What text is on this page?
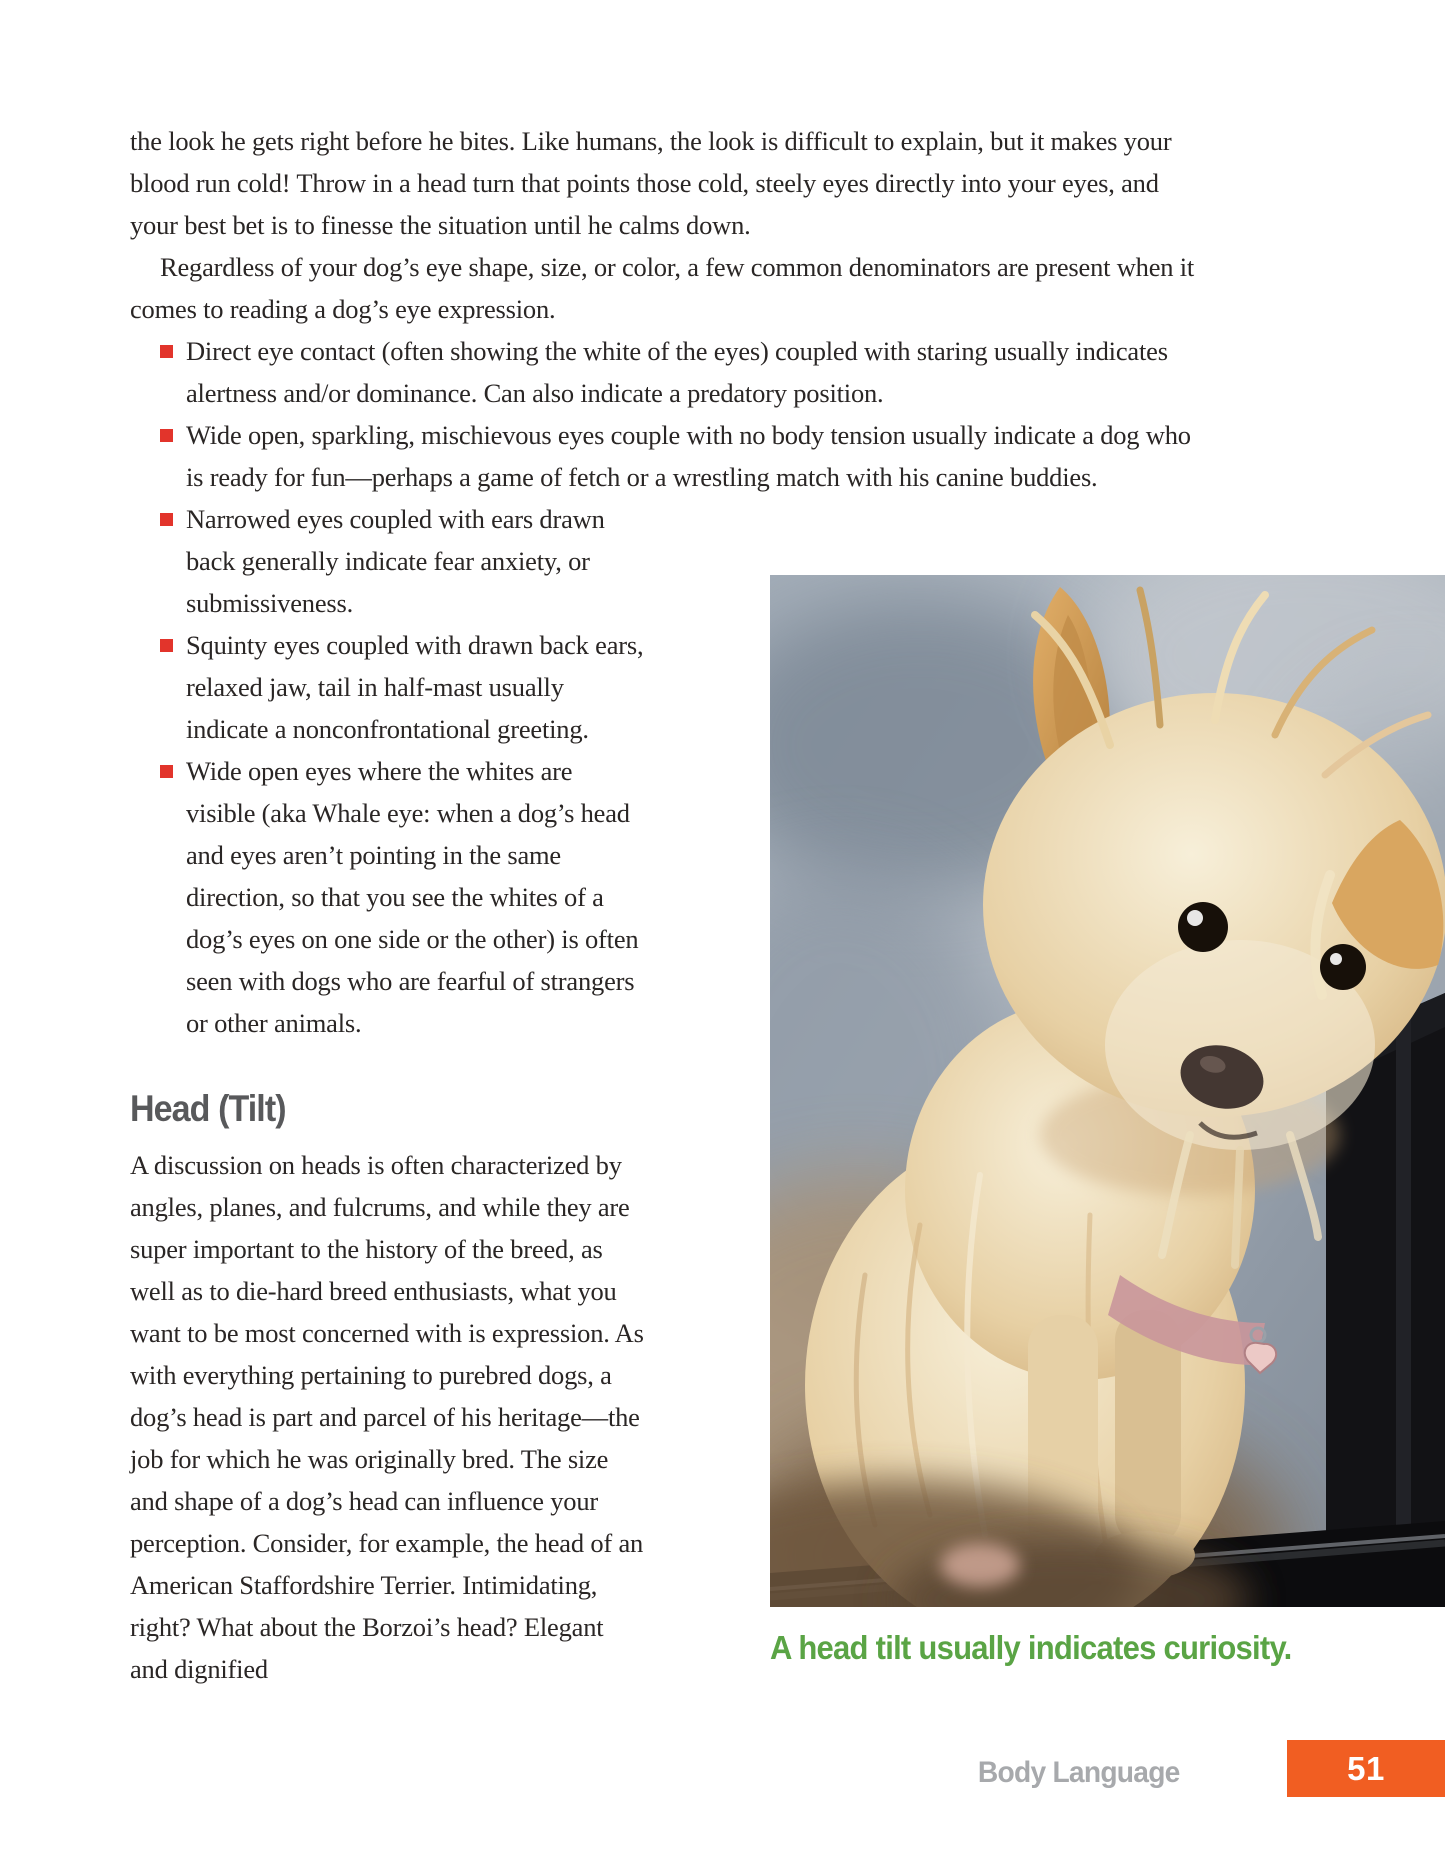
the look he gets right before he bites. Like humans, the look is difficult to explain, but it makes your blood run cold! Throw in a head turn that points those cold, steely eyes directly into your eyes, and your best bet is to finesse the situation until he calms down.

Regardless of your dog’s eye shape, size, or color, a few common denominators are present when it comes to reading a dog’s eye expression.

Direct eye contact (often showing the white of the eyes) coupled with staring usually indicates alertness and/or dominance. Can also indicate a predatory position.
Wide open, sparkling, mischievous eyes couple with no body tension usually indicate a dog who is ready for fun—perhaps a game of fetch or a wrestling match with his canine buddies.
Narrowed eyes coupled with ears drawn back generally indicate fear anxiety, or submissiveness.
Squinty eyes coupled with drawn back ears, relaxed jaw, tail in half-mast usually indicate a nonconfrontational greeting.
Wide open eyes where the whites are visible (aka Whale eye: when a dog’s head and eyes aren’t pointing in the same direction, so that you see the whites of a dog’s eyes on one side or the other) is often seen with dogs who are fearful of strangers or other animals.
Head (Tilt)

A discussion on heads is often characterized by angles, planes, and fulcrums, and while they are super important to the history of the breed, as well as to die-hard breed enthusiasts, what you want to be most concerned with is expression. As with everything pertaining to purebred dogs, a dog’s head is part and parcel of his heritage—the job for which he was originally bred. The size and shape of a dog’s head can influence your perception. Consider, for example, the head of an American Staffordshire Terrier. Intimidating, right? What about the Borzoi’s head? Elegant and dignified

A head tilt usually indicates curiosity.
Body Language	51
